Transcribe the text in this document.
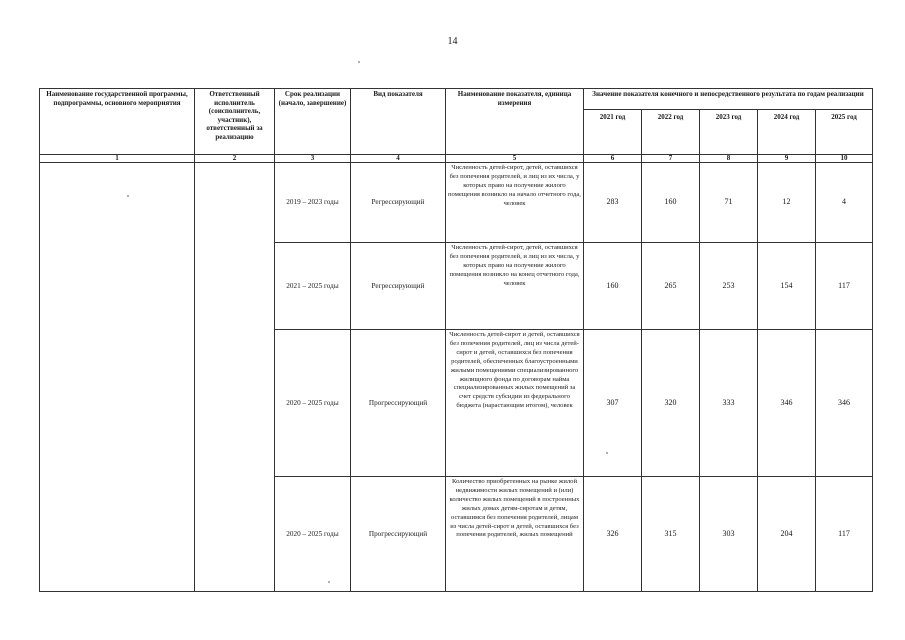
14
Наименование государственной программы, подпрограммы, основного мероприятия	Ответственный исполнитель (соисполнитель, участник), ответственный за реализацию	Срок реализации (начало, завершение)	Вид показателя	Наименование показателя, единица измерения	Значение показателя конечного и непосредственного результата по годам реализации				
					2021 год	2022 год	2023 год	2024 год	2025 год
1	2	3	4	5	6	7	8	9	10
		2019 – 2023 годы	Регрессирующий	Численность детей-сирот, детей, оставшихся без попечения родителей, и лиц из их числа, у которых право на получение жилого помещения возникло на начало отчетного года, человек	283	160	71	12	4
		2021 – 2025 годы	Регрессирующий	Численность детей-сирот, детей, оставшихся без попечения родителей, и лиц из их числа, у которых право на получение жилого помещения возникло на конец отчетного года, человек	160	265	253	154	117
		2020 – 2025 годы	Прогрессирующий	Численность детей-сирот и детей, оставшихся без попечения родителей, лиц из числа детей-сирот и детей, оставшихся без попечения родителей, обеспеченных благоустроенными жилыми помещениями специализированного жилищного фонда по договорам найма специализированных жилых помещений за счет средств субсидии из федерального бюджета (нарастающим итогом), человек	307	320	333	346	346
		2020 – 2025 годы	Прогрессирующий	Количество приобретенных на рынке жилой недвижимости жилых помещений и (или) количество жилых помещений в построенных жилых домах детям-сиротам и детям, оставшимся без попечения родителей, лицам из числа детей-сирот и детей, оставшихся без попечения родителей, жилых помещений	326	315	303	204	117
